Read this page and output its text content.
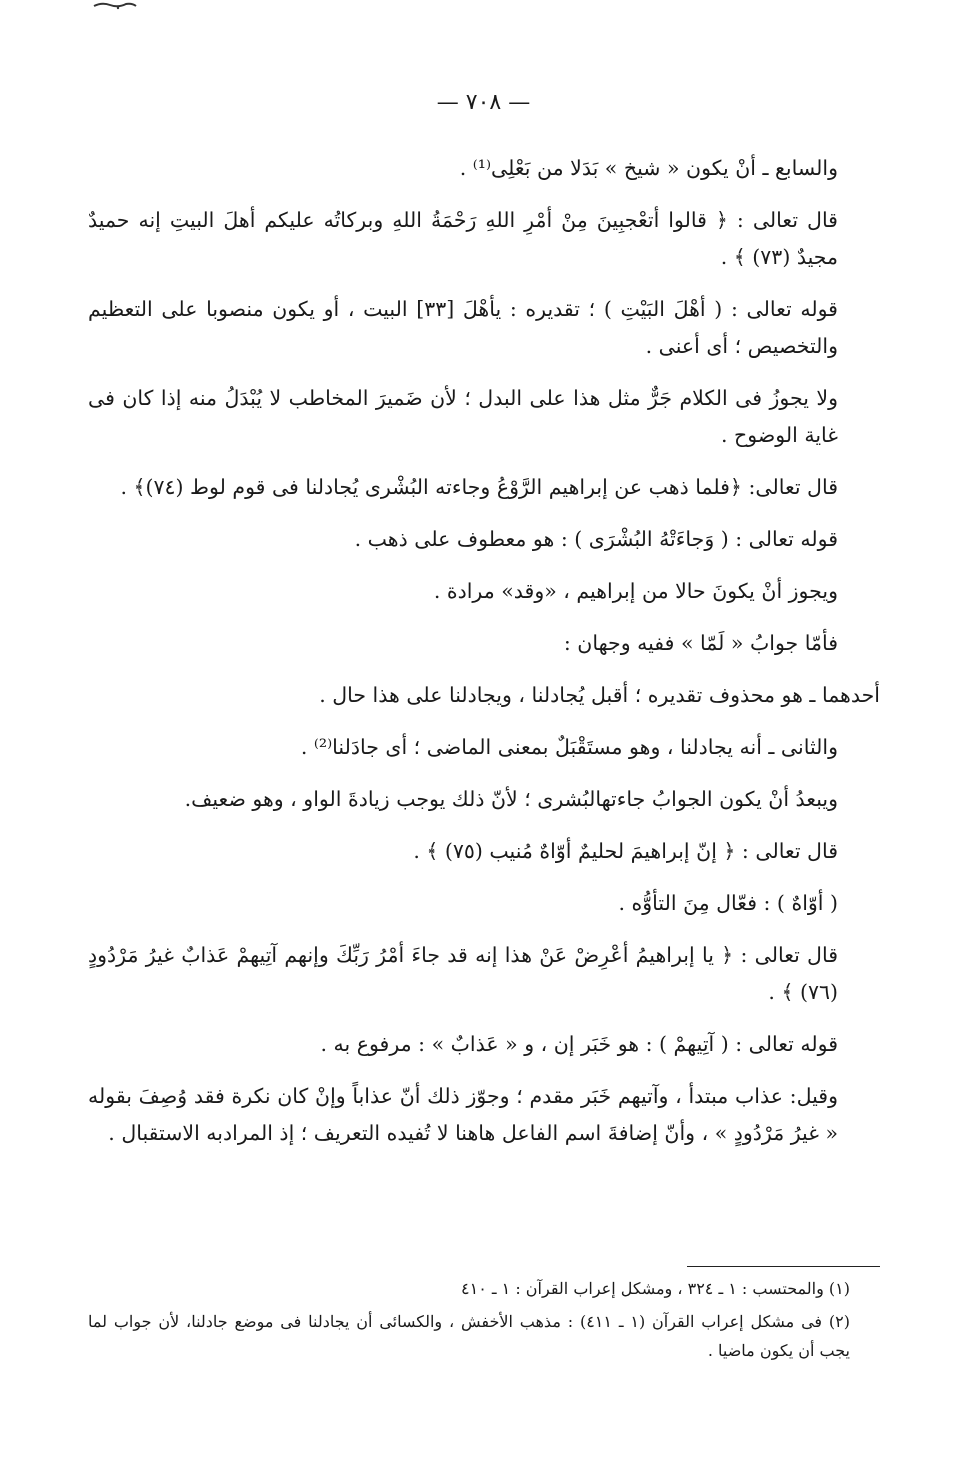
— ٧٠٨ —

والسابع ـ أنْ يكون « شيخ » بَدَلا من بَعْلِى⁽¹⁾ .

قال تعالى : ﴿ قالوا أتعْجبِينَ مِنْ أمْرِ اللهِ رَحْمَةُ اللهِ وبركاتُه عليكم أهلَ البيتِ إنه حميدٌ مجيدٌ (٧٣) ﴾ .

قوله تعالى : ( أهْلَ البَيْتِ ) ؛ تقديره : يأهْلَ [٣٣] البيت ، أو يكون منصوبا على التعظيم والتخصيص ؛ أى أعنى .

ولا يجوزُ فى الكلام جَرٌّ مثل هذا على البدل ؛ لأن ضَميرَ المخاطب لا يُبْدَلُ منه إذا كان فى غاية الوضوح .

قال تعالى: ﴿فلما ذهب عن إبراهيم الرَّوْعُ وجاءته البُشْرى يُجادلنا فى قوم لوط (٧٤)﴾ .

قوله تعالى : ( وَجاءَتْهُ البُشْرَى ) : هو معطوف على ذهب .

ويجوز أنْ يكونَ حالا من إبراهيم ، «وقد» مرادة .

فأمّا جوابُ « لَمّا » ففيه وجهان :

أحدهما ـ هو محذوف تقديره ؛ أقبل يُجادلنا ، ويجادلنا على هذا حال .

والثانى ـ أنه يجادلنا ، وهو مستَقْبَلٌ بمعنى الماضى ؛ أى جادَلنا⁽²⁾ .

ويبعدُ أنْ يكون الجوابُ جاءتهالبُشرى ؛ لأنّ ذلك يوجب زيادةَ الواو ، وهو ضعيف.

قال تعالى : ﴿ إنّ إبراهيمَ لحليمٌ أوّاهٌ مُنيب (٧٥) ﴾ .

( أوّاهٌ ) : فعّال مِنَ التأوُّه .

قال تعالى : ﴿ يا إبراهيمُ أعْرِضْ عَنْ هذا إنه قد جاءَ أمْرُ رَبِّكَ وإنهم آتِيهمْ عَذابٌ غيرُ مَرْدُودٍ (٧٦) ﴾ .

قوله تعالى : ( آتِيهمْ ) : هو خَبَر إن ، و « عَذابٌ » : مرفوع به .

وقيل: عذاب مبتدأ ، وآتيهم خَبَر مقدم ؛ وجوّز ذلك أنّ عذاباً وإنْ كان نكرة فقد وُصِفَ بقوله « غيرُ مَرْدُودٍ » ، وأنّ إضافةَ اسم الفاعل هاهنا لا تُفيده التعريف ؛ إذ المرادبه الاستقبال .

(١) والمحتسب : ١ ـ ٣٢٤ ، ومشكل إعراب القرآن : ١ ـ ٤١٠

(٢) فى مشكل إعراب القرآن (١ ـ ٤١١) : مذهب الأخفش ، والكسائى أن يجادلنا فى موضع جادلنا، لأن جواب لما يجب أن يكون ماضيا .
